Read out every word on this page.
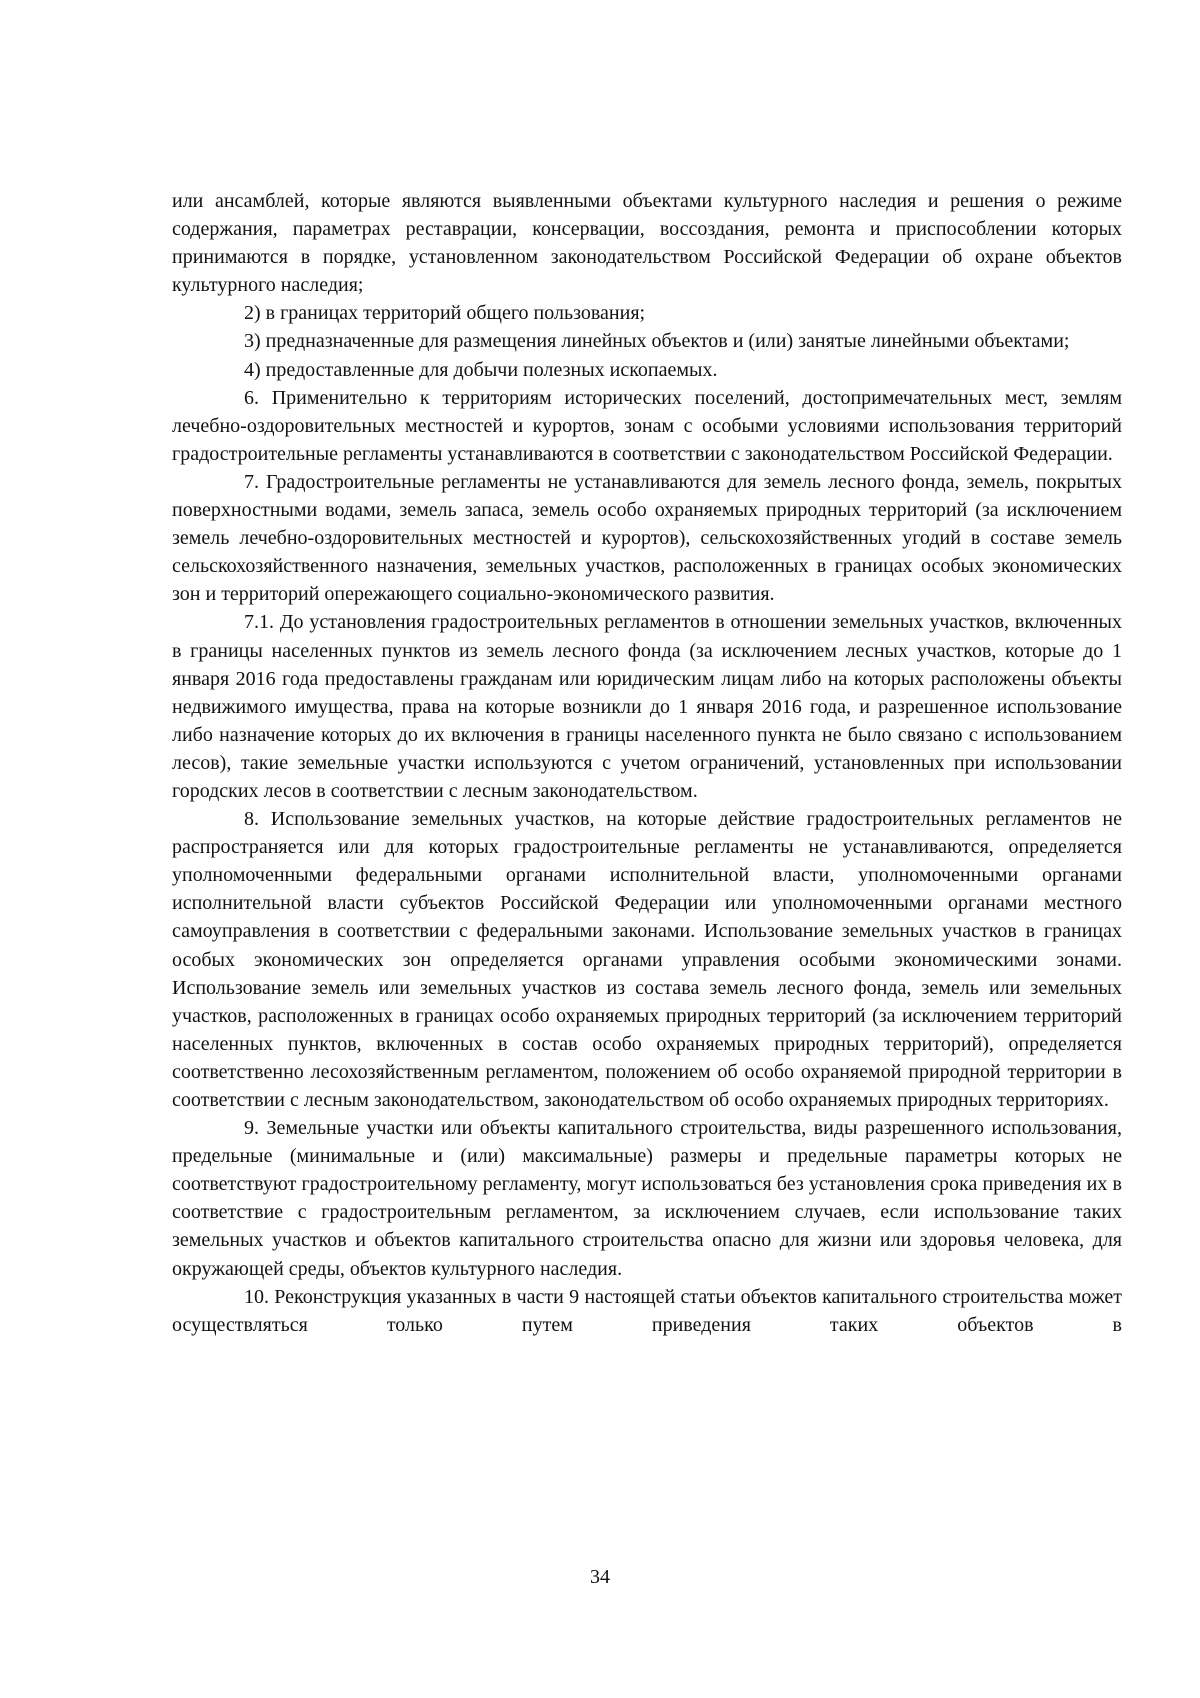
или ансамблей, которые являются выявленными объектами культурного наследия и решения о режиме содержания, параметрах реставрации, консервации, воссоздания, ремонта и приспособлении которых принимаются в порядке, установленном законодательством Российской Федерации об охране объектов культурного наследия;

2) в границах территорий общего пользования;

3) предназначенные для размещения линейных объектов и (или) занятые линейными объектами;

4) предоставленные для добычи полезных ископаемых.

6. Применительно к территориям исторических поселений, достопримечательных мест, землям лечебно-оздоровительных местностей и курортов, зонам с особыми условиями использования территорий градостроительные регламенты устанавливаются в соответствии с законодательством Российской Федерации.

7. Градостроительные регламенты не устанавливаются для земель лесного фонда, земель, покрытых поверхностными водами, земель запаса, земель особо охраняемых природных территорий (за исключением земель лечебно-оздоровительных местностей и курортов), сельскохозяйственных угодий в составе земель сельскохозяйственного назначения, земельных участков, расположенных в границах особых экономических зон и территорий опережающего социально-экономического развития.

7.1. До установления градостроительных регламентов в отношении земельных участков, включенных в границы населенных пунктов из земель лесного фонда (за исключением лесных участков, которые до 1 января 2016 года предоставлены гражданам или юридическим лицам либо на которых расположены объекты недвижимого имущества, права на которые возникли до 1 января 2016 года, и разрешенное использование либо назначение которых до их включения в границы населенного пункта не было связано с использованием лесов), такие земельные участки используются с учетом ограничений, установленных при использовании городских лесов в соответствии с лесным законодательством.

8. Использование земельных участков, на которые действие градостроительных регламентов не распространяется или для которых градостроительные регламенты не устанавливаются, определяется уполномоченными федеральными органами исполнительной власти, уполномоченными органами исполнительной власти субъектов Российской Федерации или уполномоченными органами местного самоуправления в соответствии с федеральными законами. Использование земельных участков в границах особых экономических зон определяется органами управления особыми экономическими зонами. Использование земель или земельных участков из состава земель лесного фонда, земель или земельных участков, расположенных в границах особо охраняемых природных территорий (за исключением территорий населенных пунктов, включенных в состав особо охраняемых природных территорий), определяется соответственно лесохозяйственным регламентом, положением об особо охраняемой природной территории в соответствии с лесным законодательством, законодательством об особо охраняемых природных территориях.

9. Земельные участки или объекты капитального строительства, виды разрешенного использования, предельные (минимальные и (или) максимальные) размеры и предельные параметры которых не соответствуют градостроительному регламенту, могут использоваться без установления срока приведения их в соответствие с градостроительным регламентом, за исключением случаев, если использование таких земельных участков и объектов капитального строительства опасно для жизни или здоровья человека, для окружающей среды, объектов культурного наследия.

10. Реконструкция указанных в части 9 настоящей статьи объектов капитального строительства может осуществляться только путем приведения таких объектов в

34
